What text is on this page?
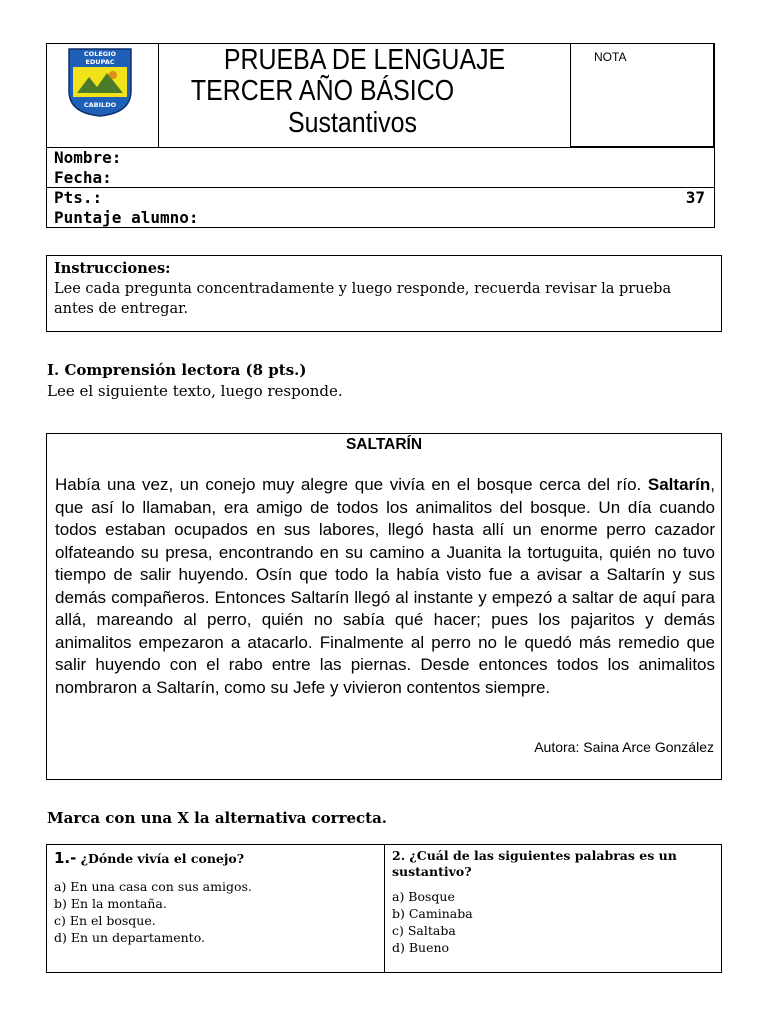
COLEGIO
EDUPAC
CABILDO
PRUEBA DE LENGUAJE
TERCER AÑO BÁSICO
Sustantivos
NOTA
Nombre:
Fecha:
Pts.:	37
Puntaje alumno:
Instrucciones:
Lee cada pregunta concentradamente y luego responde, recuerda revisar la prueba antes de entregar.
I. Comprensión lectora (8 pts.)
Lee el siguiente texto, luego responde.
SALTARÍN
Había una vez, un conejo muy alegre que vivía en el bosque cerca del río. Saltarín, que así lo llamaban, era amigo de todos los animalitos del bosque. Un día cuando todos estaban ocupados en sus labores, llegó hasta allí un enorme perro cazador olfateando su presa, encontrando en su camino a Juanita la tortuguita, quién no tuvo tiempo de salir huyendo. Osín que todo la había visto fue a avisar a Saltarín y sus demás compañeros. Entonces Saltarín llegó al instante y empezó a saltar de aquí para allá, mareando al perro, quién no sabía qué hacer; pues los pajaritos y demás animalitos empezaron a atacarlo. Finalmente al perro no le quedó más remedio que salir huyendo con el rabo entre las piernas. Desde entonces todos los animalitos nombraron a Saltarín, como su Jefe y vivieron contentos siempre.
Autora: Saina Arce González
Marca con una X la alternativa correcta.
1.- ¿Dónde vivía el conejo?
a) En una casa con sus amigos.
b) En la montaña.
c) En el bosque.
d) En un departamento.
2. ¿Cuál de las siguientes palabras es un sustantivo?
a) Bosque
b) Caminaba
c) Saltaba
d) Bueno
